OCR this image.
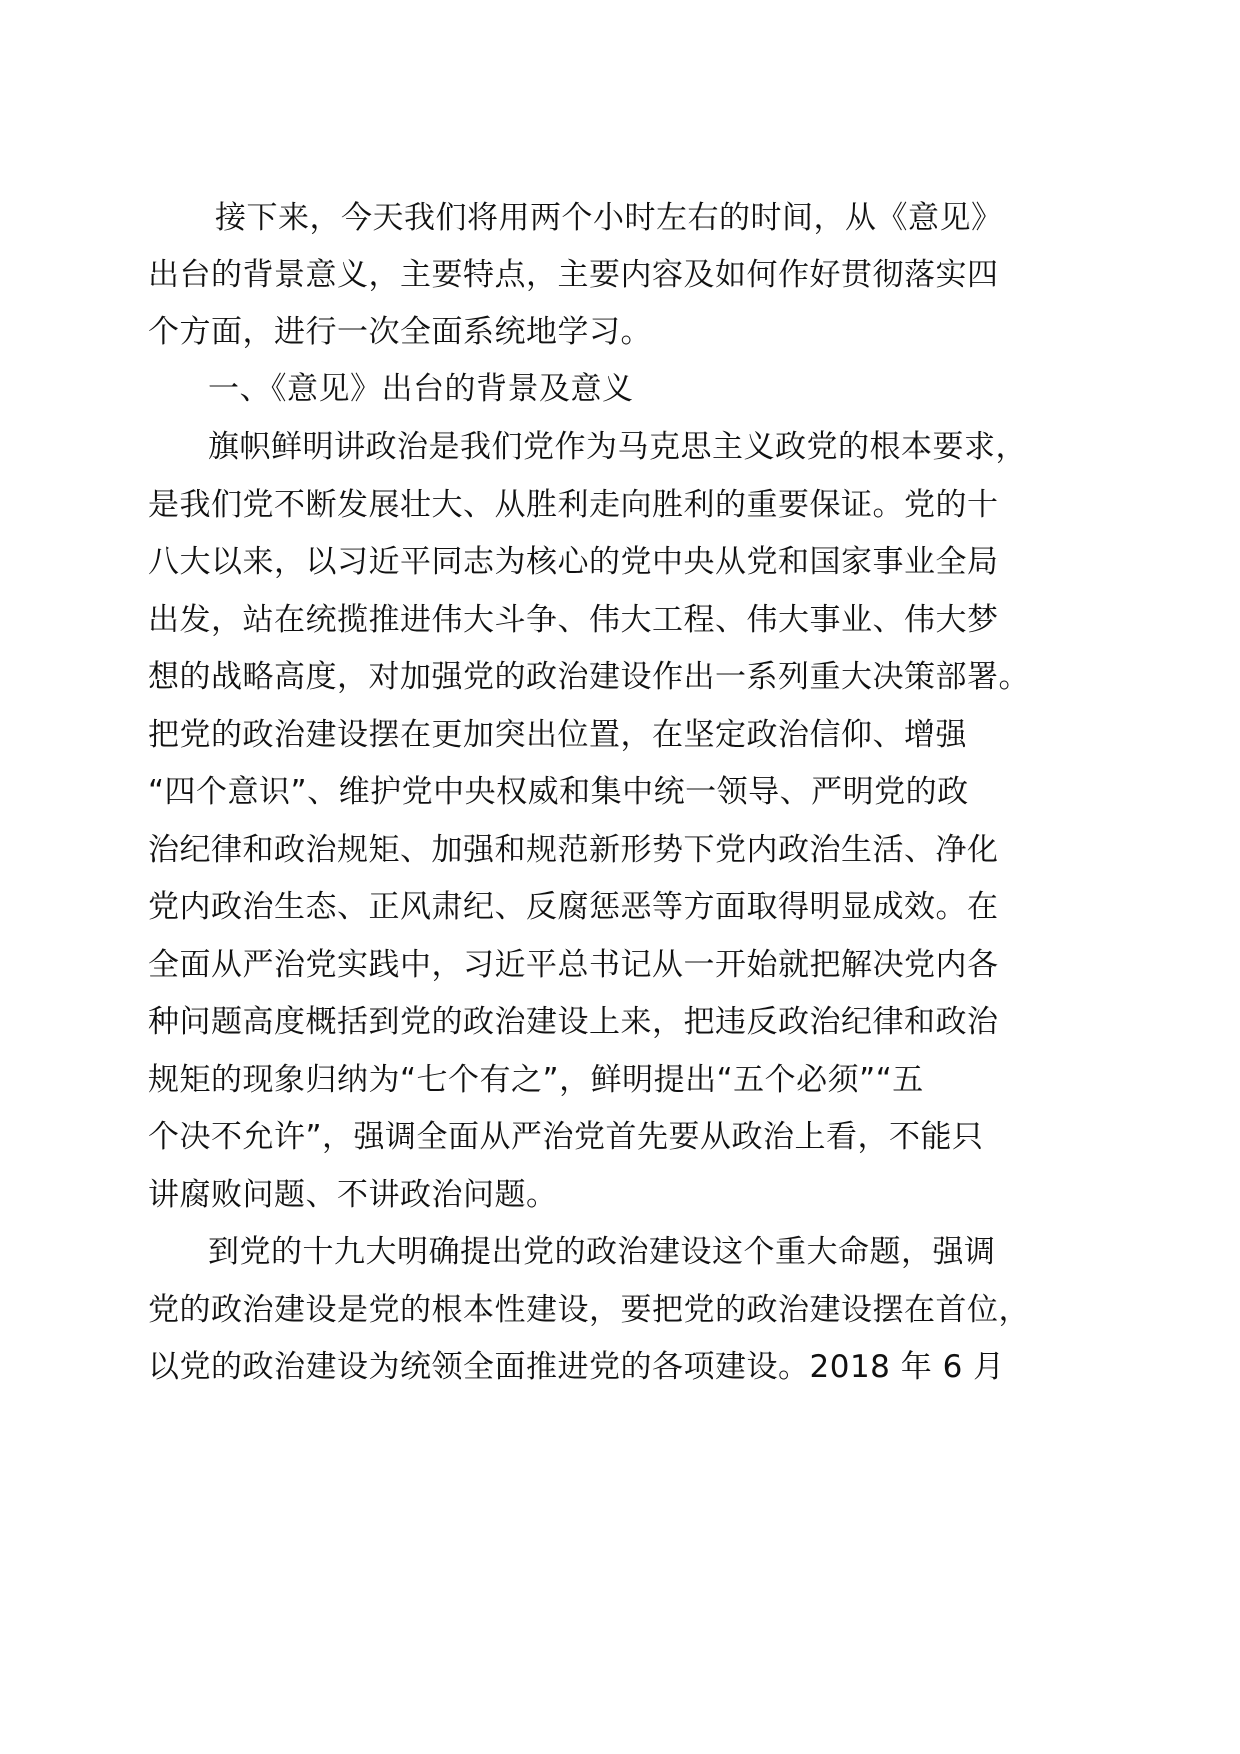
接下来，今天我们将用两个小时左右的时间，从《意见》
出台的背景意义，主要特点，主要内容及如何作好贯彻落实四
个方面，进行一次全面系统地学习。
一、《意见》出台的背景及意义
旗帜鲜明讲政治是我们党作为马克思主义政党的根本要求，
是我们党不断发展壮大、从胜利走向胜利的重要保证。党的十
八大以来，以习近平同志为核心的党中央从党和国家事业全局
出发，站在统揽推进伟大斗争、伟大工程、伟大事业、伟大梦
想的战略高度，对加强党的政治建设作出一系列重大决策部署。
把党的政治建设摆在更加突出位置，在坚定政治信仰、增强
“四个意识”、维护党中央权威和集中统一领导、严明党的政
治纪律和政治规矩、加强和规范新形势下党内政治生活、净化
党内政治生态、正风肃纪、反腐惩恶等方面取得明显成效。在
全面从严治党实践中，习近平总书记从一开始就把解决党内各
种问题高度概括到党的政治建设上来，把违反政治纪律和政治
规矩的现象归纳为“七个有之”，鲜明提出“五个必须”“五
个决不允许”，强调全面从严治党首先要从政治上看，不能只
讲腐败问题、不讲政治问题。
到党的十九大明确提出党的政治建设这个重大命题，强调
党的政治建设是党的根本性建设，要把党的政治建设摆在首位，
以党的政治建设为统领全面推进党的各项建设。2018 年 6 月
